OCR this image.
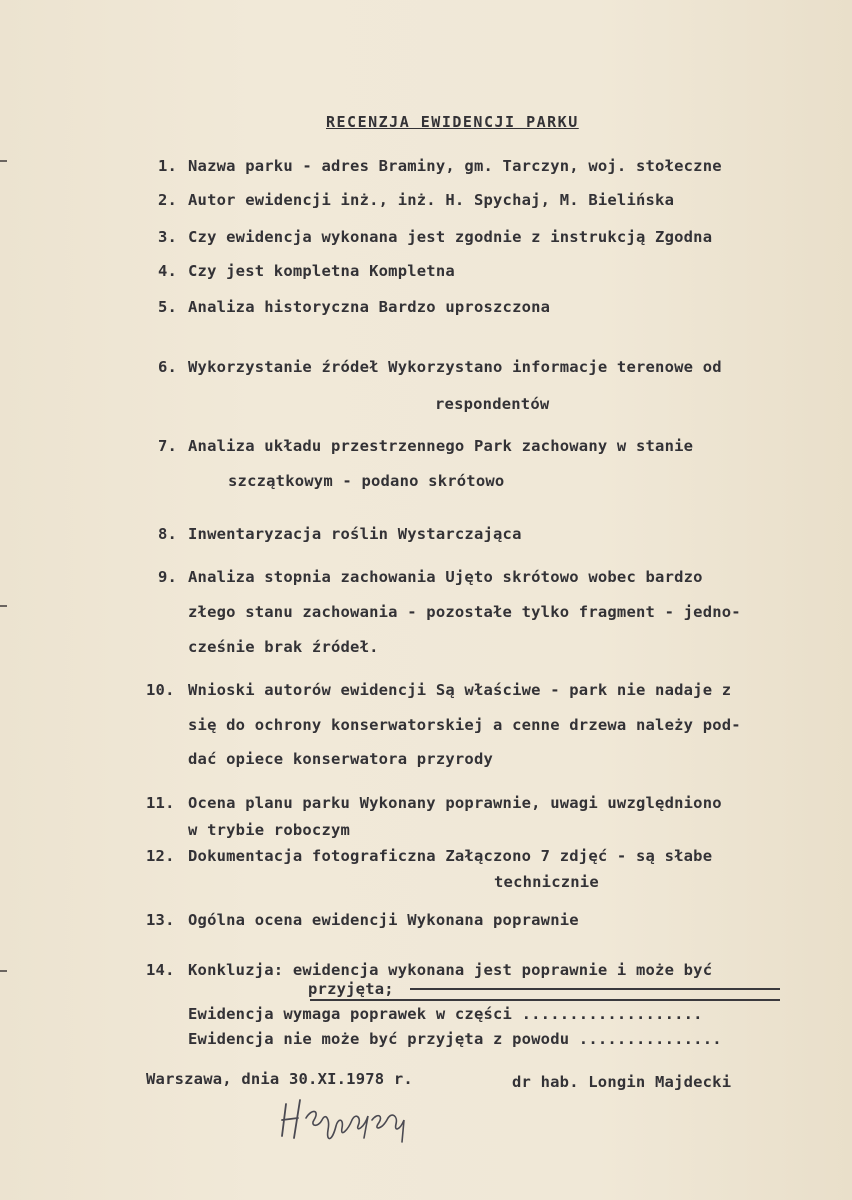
RECENZJA EWIDENCJI PARKU
1. Nazwa parku - adres Braminy, gm. Tarczyn, woj. stołeczne
2. Autor ewidencji inż., inż. H. Spychaj, M. Bielińska
3. Czy ewidencja wykonana jest zgodnie z instrukcją Zgodna
4. Czy jest kompletna Kompletna
5. Analiza historyczna Bardzo uproszczona
6. Wykorzystanie źródeł Wykorzystano informacje terenowe od
respondentów
7. Analiza układu przestrzennego Park zachowany w stanie
szczątkowym - podano skrótowo
8. Inwentaryzacja roślin Wystarczająca
9. Analiza stopnia zachowania Ujęto skrótowo wobec bardzo
złego stanu zachowania - pozostałe tylko fragment - jedno-
cześnie brak źródeł.
10. Wnioski autorów ewidencji Są właściwe - park nie nadaje z
się do ochrony konserwatorskiej a cenne drzewa należy pod-
dać opiece konserwatora przyrody
11. Ocena planu parku Wykonany poprawnie, uwagi uwzględniono
w trybie roboczym
12. Dokumentacja fotograficzna Załączono 7 zdjęć - są słabe
technicznie
13. Ogólna ocena ewidencji Wykonana poprawnie
14. Konkluzja: ewidencja wykonana jest poprawnie i może być
przyjęta;
Ewidencja wymaga poprawek w części ...................
Ewidencja nie może być przyjęta z powodu ...............
Warszawa, dnia 30.XI.1978 r.	dr hab. Longin Majdecki
